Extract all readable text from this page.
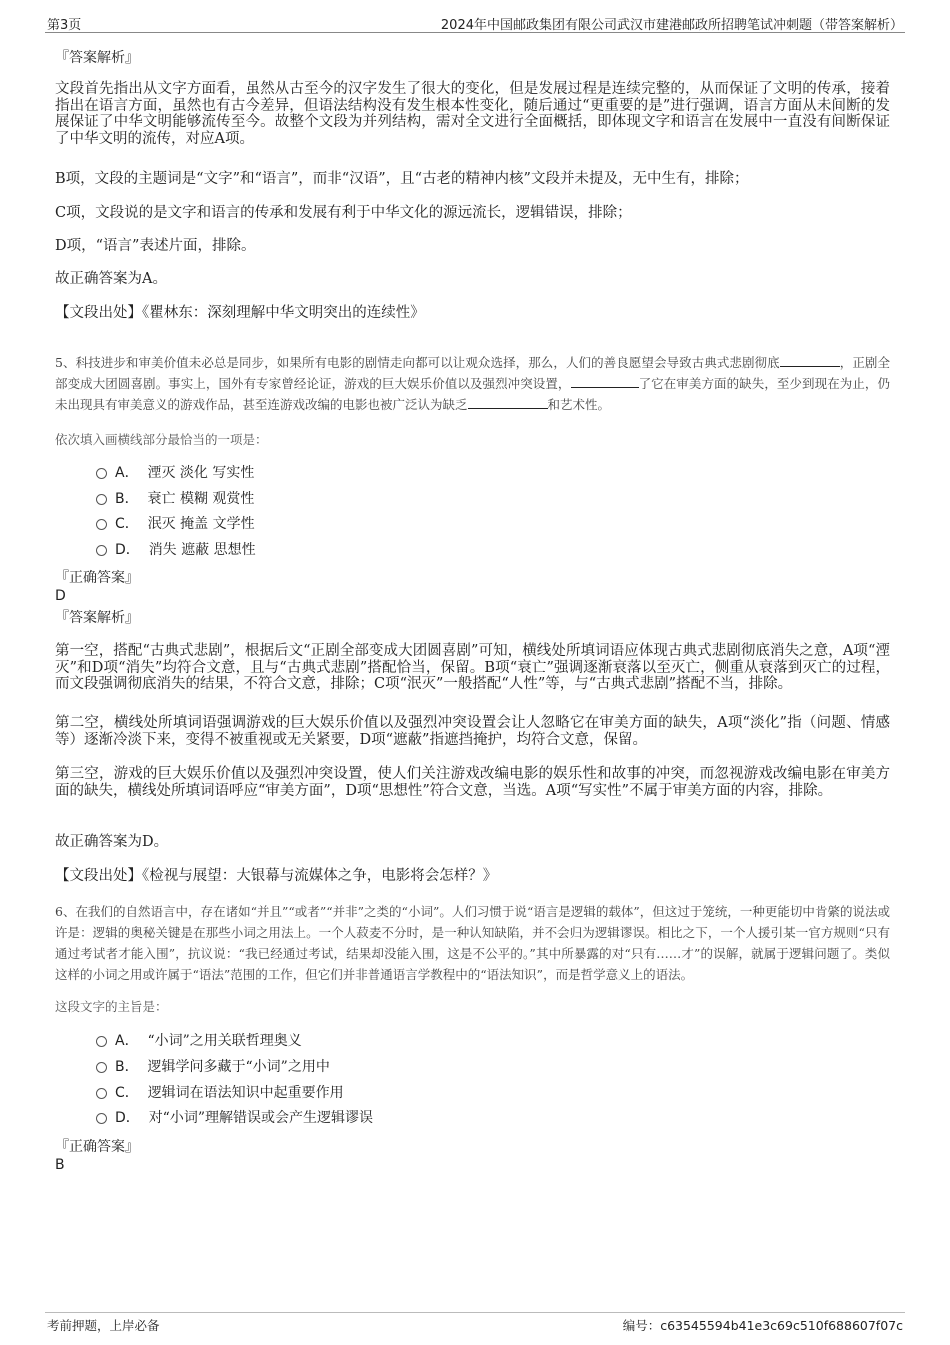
第3页	2024年中国邮政集团有限公司武汉市建港邮政所招聘笔试冲刺题（带答案解析）
『答案解析』
文段首先指出从文字方面看，虽然从古至今的汉字发生了很大的变化，但是发展过程是连续完整的，从而保证了文明的传承，接着指出在语言方面，虽然也有古今差异，但语法结构没有发生根本性变化，随后通过“更重要的是”进行强调，语言方面从未间断的发展保证了中华文明能够流传至今。故整个文段为并列结构，需对全文进行全面概括，即体现文字和语言在发展中一直没有间断保证了中华文明的流传，对应A项。
B项，文段的主题词是“文字”和“语言”，而非“汉语”，且“古老的精神内核”文段并未提及，无中生有，排除；
C项，文段说的是文字和语言的传承和发展有利于中华文化的源远流长，逻辑错误，排除；
D项，“语言”表述片面，排除。
故正确答案为A。
【文段出处】《瞿林东：深刻理解中华文明突出的连续性》
5、科技进步和审美价值未必总是同步，如果所有电影的剧情走向都可以让观众选择，那么，人们的善良愿望会导致古典式悲剧彻底	，正剧全部变成大团圆喜剧。事实上，国外有专家曾经论证，游戏的巨大娱乐价值以及强烈冲突设置，	了它在审美方面的缺失，至少到现在为止，仍未出现具有审美意义的游戏作品，甚至连游戏改编的电影也被广泛认为缺乏	和艺术性。
依次填入画横线部分最恰当的一项是：
A． 湮灭 淡化 写实性
B． 衰亡 模糊 观赏性
C． 泯灭 掩盖 文学性
D． 消失 遮蔽 思想性
『正确答案』
D
『答案解析』
第一空，搭配“古典式悲剧”，根据后文“正剧全部变成大团圆喜剧”可知，横线处所填词语应体现古典式悲剧彻底消失之意，A项“湮灭”和D项“消失”均符合文意，且与“古典式悲剧”搭配恰当，保留。B项“衰亡”强调逐渐衰落以至灭亡，侧重从衰落到灭亡的过程，而文段强调彻底消失的结果，不符合文意，排除；C项“泯灭”一般搭配“人性”等，与“古典式悲剧”搭配不当，排除。
第二空，横线处所填词语强调游戏的巨大娱乐价值以及强烈冲突设置会让人忽略它在审美方面的缺失，A项“淡化”指（问题、情感等）逐渐冷淡下来，变得不被重视或无关紧要，D项“遮蔽”指遮挡掩护，均符合文意，保留。
第三空，游戏的巨大娱乐价值以及强烈冲突设置，使人们关注游戏改编电影的娱乐性和故事的冲突，而忽视游戏改编电影在审美方面的缺失，横线处所填词语呼应“审美方面”，D项“思想性”符合文意，当选。A项“写实性”不属于审美方面的内容，排除。
故正确答案为D。
【文段出处】《检视与展望：大银幕与流媒体之争，电影将会怎样？》
6、在我们的自然语言中，存在诸如“并且”“或者”“并非”之类的“小词”。人们习惯于说“语言是逻辑的载体”，但这过于笼统，一种更能切中肯綮的说法或许是：逻辑的奥秘关键是在那些小词之用法上。一个人菽麦不分时，是一种认知缺陷，并不会归为逻辑谬误。相比之下，一个人援引某一官方规则“只有通过考试者才能入围”，抗议说：“我已经通过考试，结果却没能入围，这是不公平的。”其中所暴露的对“只有……才”的误解，就属于逻辑问题了。类似这样的小词之用或许属于“语法”范围的工作，但它们并非普通语言学教程中的“语法知识”，而是哲学意义上的语法。
这段文字的主旨是：
A． “小词”之用关联哲理奥义
B． 逻辑学问多藏于“小词”之用中
C． 逻辑词在语法知识中起重要作用
D． 对“小词”理解错误或会产生逻辑谬误
『正确答案』
B
考前押题，上岸必备	编号：c63545594b41e3c69c510f688607f07c
